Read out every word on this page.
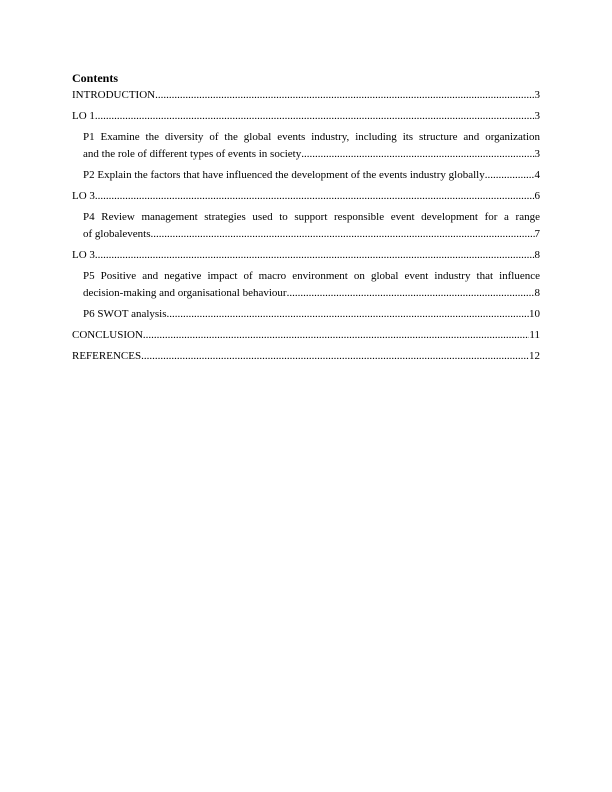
Contents
INTRODUCTION .....	3
LO 1 .....	3
P1 Examine the diversity of the global events industry, including its structure and organization
and the role of different types of events in society .....	3
P2 Explain the factors that have influenced the development of the events industry globally .....	4
LO 3 .....	6
P4 Review management strategies used to support responsible event development for a range
of globalevents .....	7
LO 3 .....	8
P5 Positive and negative impact of macro environment on global event industry that influence
decision-making and organisational behaviour .....	8
P6 SWOT analysis .....	10
CONCLUSION .....	11
REFERENCES .....	12
